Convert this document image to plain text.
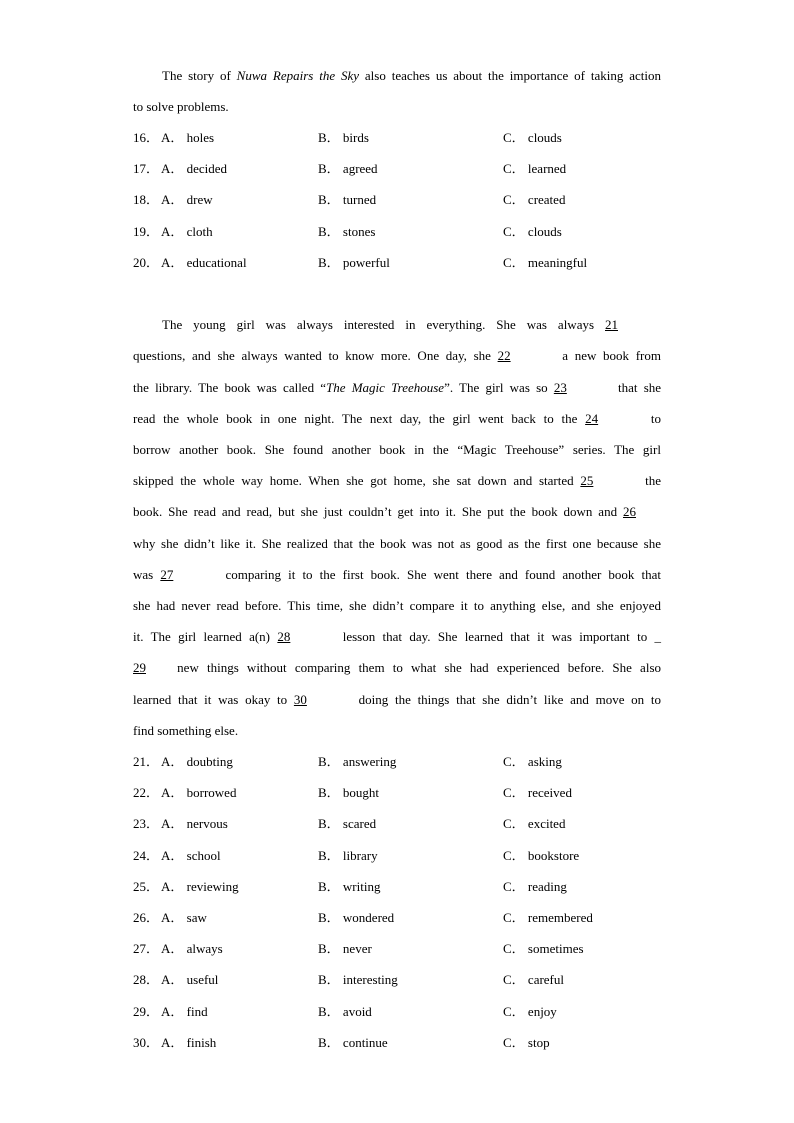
The story of Nuwa Repairs the Sky also teaches us about the importance of taking action
to solve problems.
16． A． holes	B． birds	C． clouds
17． A． decided	B． agreed	C． learned
18． A． drew	B． turned	C． created
19． A． cloth	B． stones	C． clouds
20． A． educational	B． powerful	C． meaningful
The young girl was always interested in everything. She was always 21
questions, and she always wanted to know more. One day, she 22	a new book from
the library. The book was called “The Magic Treehouse”. The girl was so 23	that she
read the whole book in one night. The next day, the girl went back to the 24	to
borrow another book. She found another book in the “Magic Treehouse” series. The girl
skipped the whole way home. When she got home, she sat down and started 25	the
book. She read and read, but she just couldn’t get into it. She put the book down and 26
why she didn’t like it. She realized that the book was not as good as the first one because she
was 27	comparing it to the first book. She went there and found another book that
she had never read before. This time, she didn’t compare it to anything else, and she enjoyed
it. The girl learned a(n) 28	lesson that day. She learned that it was important to _
29 new things without comparing them to what she had experienced before. She also
learned that it was okay to 30	doing the things that she didn’t like and move on to
find something else.
21． A． doubting	B． answering	C． asking
22． A． borrowed	B． bought	C． received
23． A． nervous	B． scared	C． excited
24． A． school	B． library	C． bookstore
25． A． reviewing	B． writing	C． reading
26． A． saw	B． wondered	C． remembered
27． A． always	B． never	C． sometimes
28． A． useful	B． interesting	C． careful
29． A． find	B． avoid	C． enjoy
30． A． finish	B． continue	C． stop
